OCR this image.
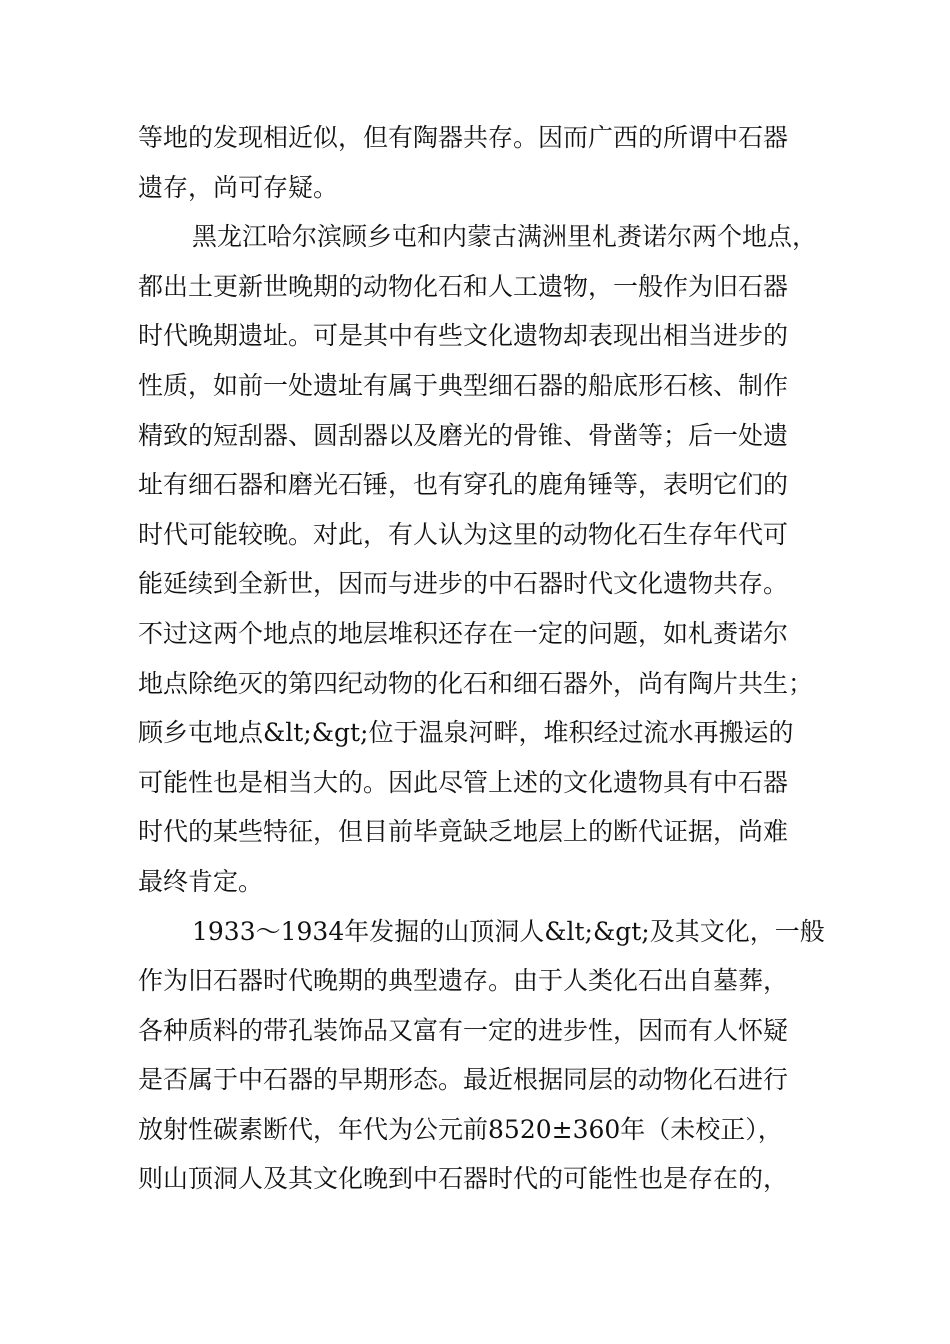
等地的发现相近似，但有陶器共存。因而广西的所谓中石器
遗存，尚可存疑。
黑龙江哈尔滨顾乡屯和内蒙古满洲里札赉诺尔两个地点，
都出土更新世晚期的动物化石和人工遗物，一般作为旧石器
时代晚期遗址。可是其中有些文化遗物却表现出相当进步的
性质，如前一处遗址有属于典型细石器的船底形石核、制作
精致的短刮器、圆刮器以及磨光的骨锥、骨凿等；后一处遗
址有细石器和磨光石锤，也有穿孔的鹿角锤等，表明它们的
时代可能较晚。对此，有人认为这里的动物化石生存年代可
能延续到全新世，因而与进步的中石器时代文化遗物共存。
不过这两个地点的地层堆积还存在一定的问题，如札赉诺尔
地点除绝灭的第四纪动物的化石和细石器外，尚有陶片共生；
顾乡屯地点&lt;&gt;位于温泉河畔，堆积经过流水再搬运的
可能性也是相当大的。因此尽管上述的文化遗物具有中石器
时代的某些特征，但目前毕竟缺乏地层上的断代证据，尚难
最终肯定。
1933～1934年发掘的山顶洞人&lt;&gt;及其文化，一般
作为旧石器时代晚期的典型遗存。由于人类化石出自墓葬，
各种质料的带孔装饰品又富有一定的进步性，因而有人怀疑
是否属于中石器的早期形态。最近根据同层的动物化石进行
放射性碳素断代，年代为公元前8520±360年（未校正），
则山顶洞人及其文化晚到中石器时代的可能性也是存在的，
